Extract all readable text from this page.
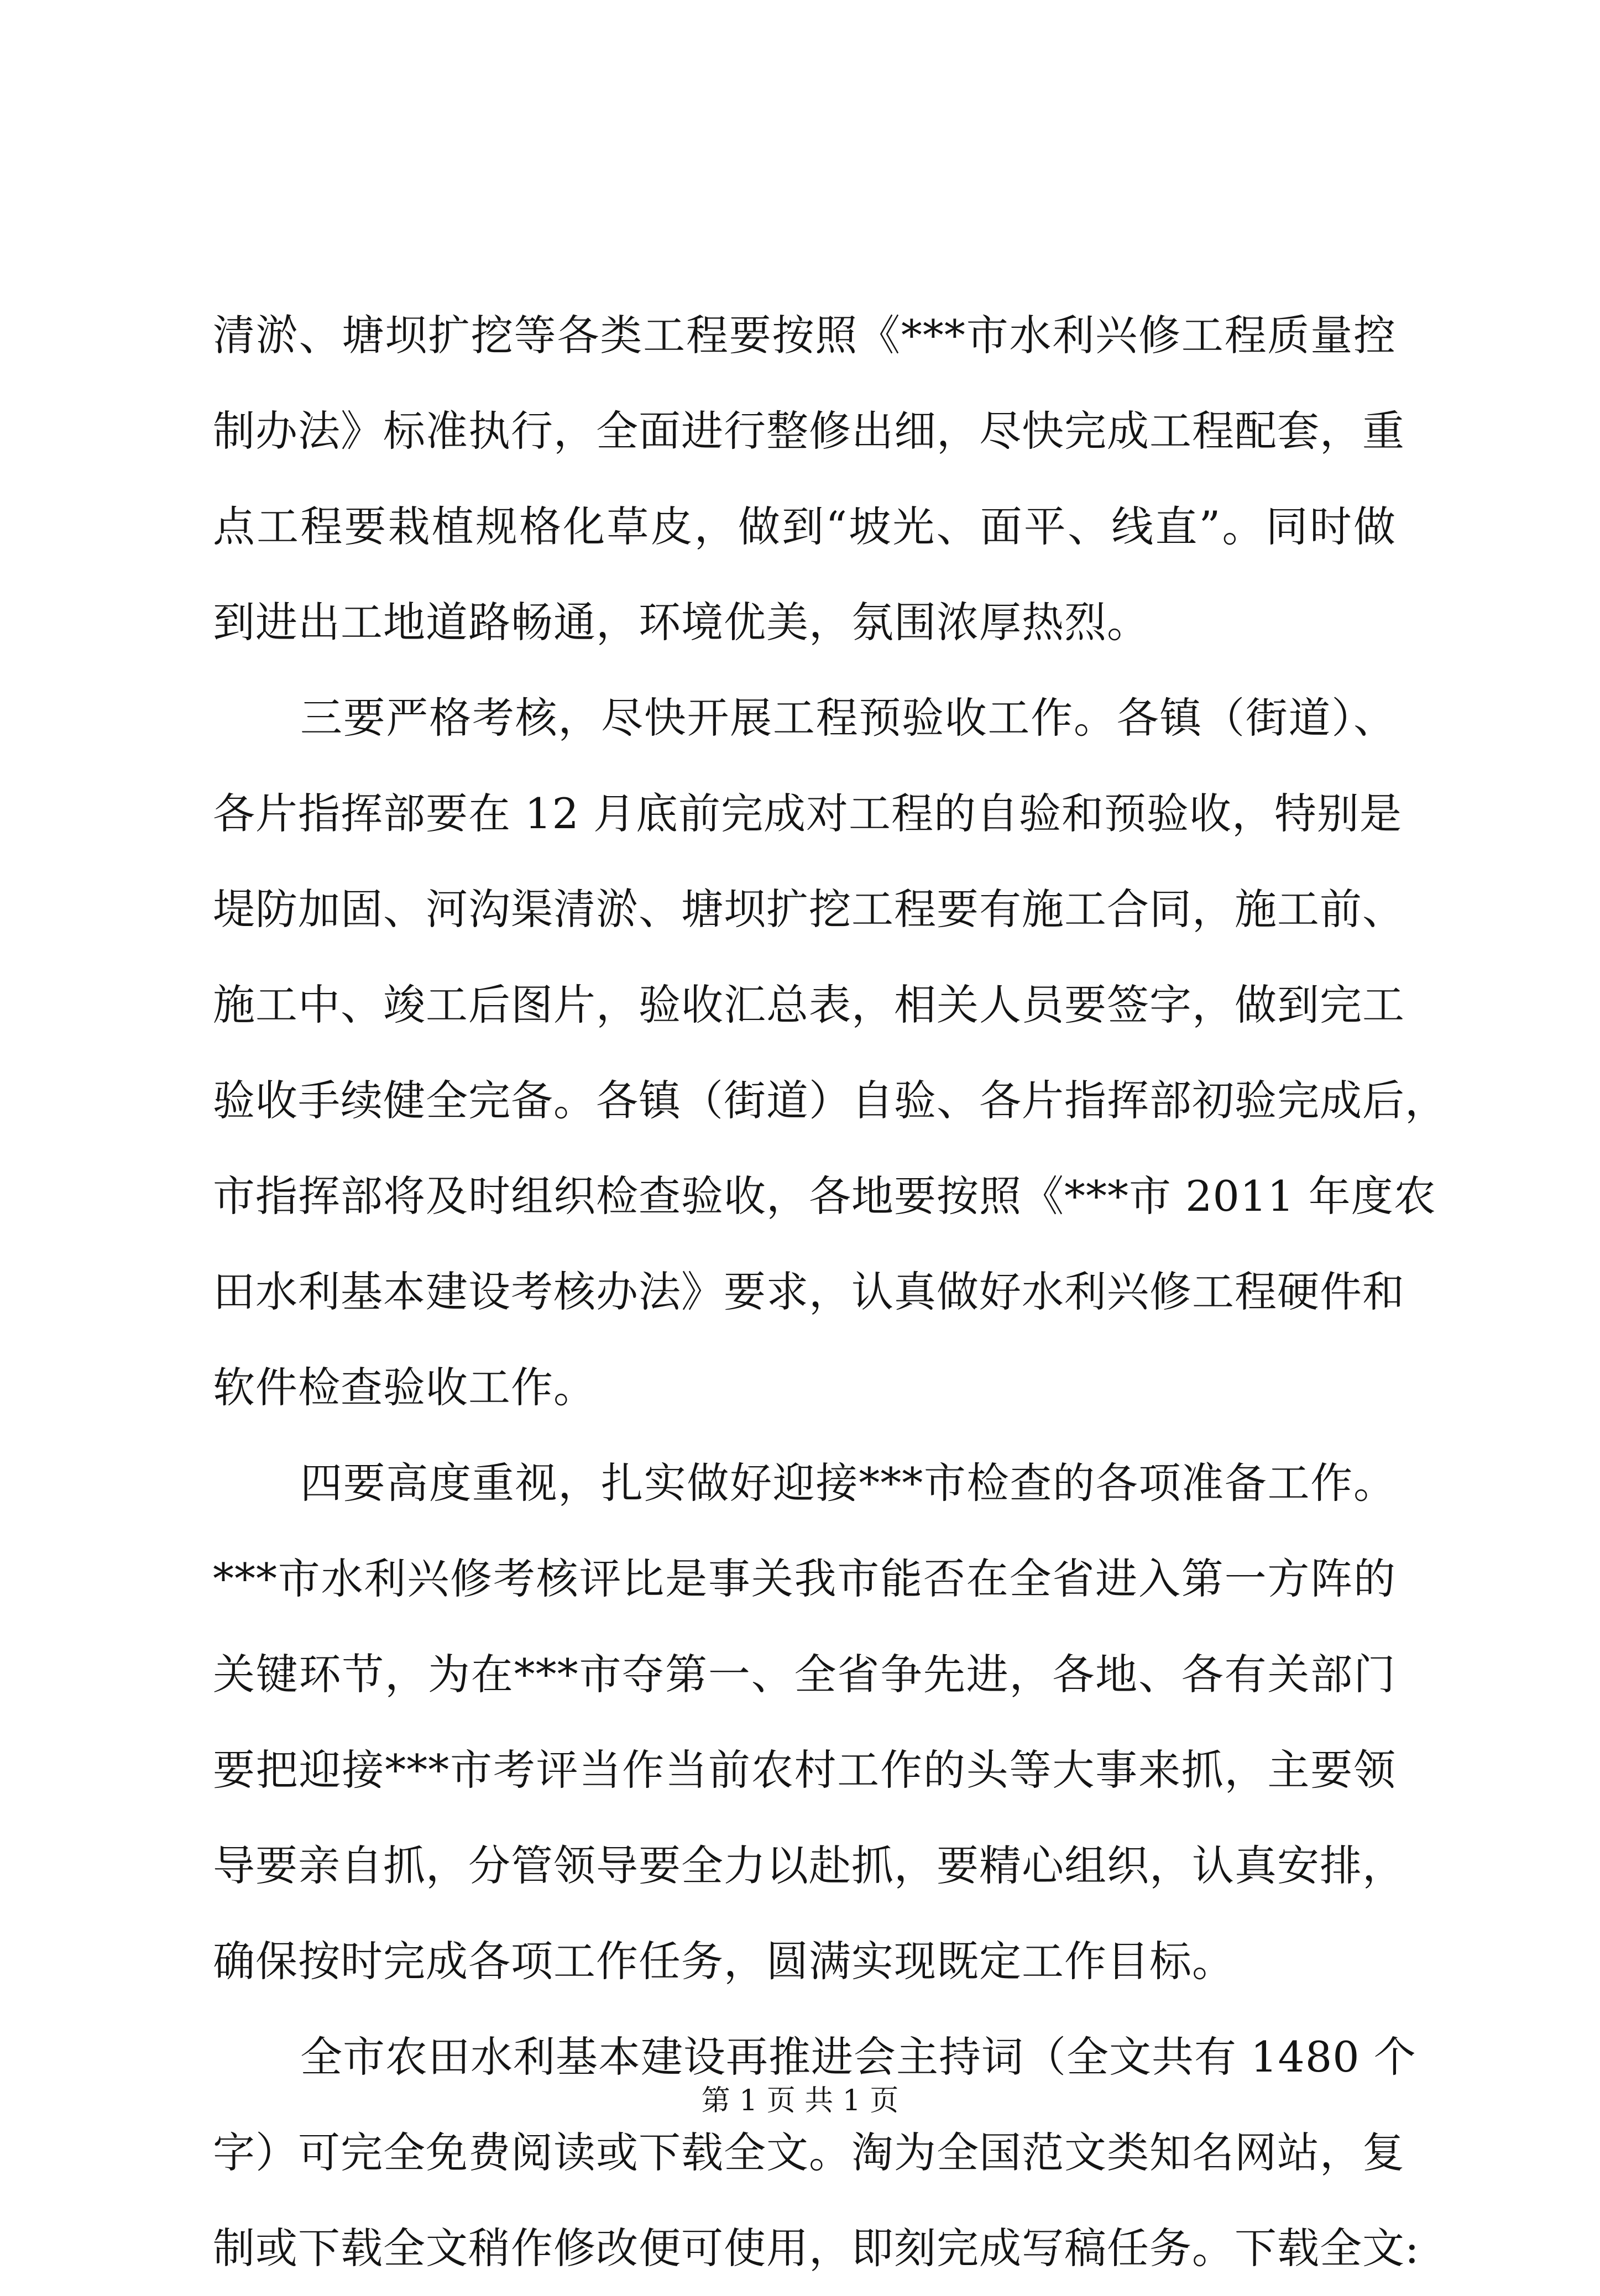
清淤、塘坝扩挖等各类工程要按照《***市水利兴修工程质量控
制办法》标准执行，全面进行整修出细，尽快完成工程配套，重
点工程要栽植规格化草皮，做到“坡光、面平、线直”。同时做
到进出工地道路畅通，环境优美，氛围浓厚热烈。
三要严格考核，尽快开展工程预验收工作。各镇（街道）、
各片指挥部要在 12 月底前完成对工程的自验和预验收，特别是
堤防加固、河沟渠清淤、塘坝扩挖工程要有施工合同，施工前、
施工中、竣工后图片，验收汇总表，相关人员要签字，做到完工
验收手续健全完备。各镇（街道）自验、各片指挥部初验完成后，
市指挥部将及时组织检查验收，各地要按照《***市 2011 年度农
田水利基本建设考核办法》要求，认真做好水利兴修工程硬件和
软件检查验收工作。
四要高度重视，扎实做好迎接***市检查的各项准备工作。
***市水利兴修考核评比是事关我市能否在全省进入第一方阵的
关键环节，为在***市夺第一、全省争先进，各地、各有关部门
要把迎接***市考评当作当前农村工作的头等大事来抓，主要领
导要亲自抓，分管领导要全力以赴抓，要精心组织，认真安排，
确保按时完成各项工作任务，圆满实现既定工作目标。
全市农田水利基本建设再推进会主持词（全文共有 1480 个
字）可完全免费阅读或下载全文。淘为全国范文类知名网站，复
制或下载全文稍作修改便可使用，即刻完成写稿任务。下载全文:
第 1 页 共 1 页
